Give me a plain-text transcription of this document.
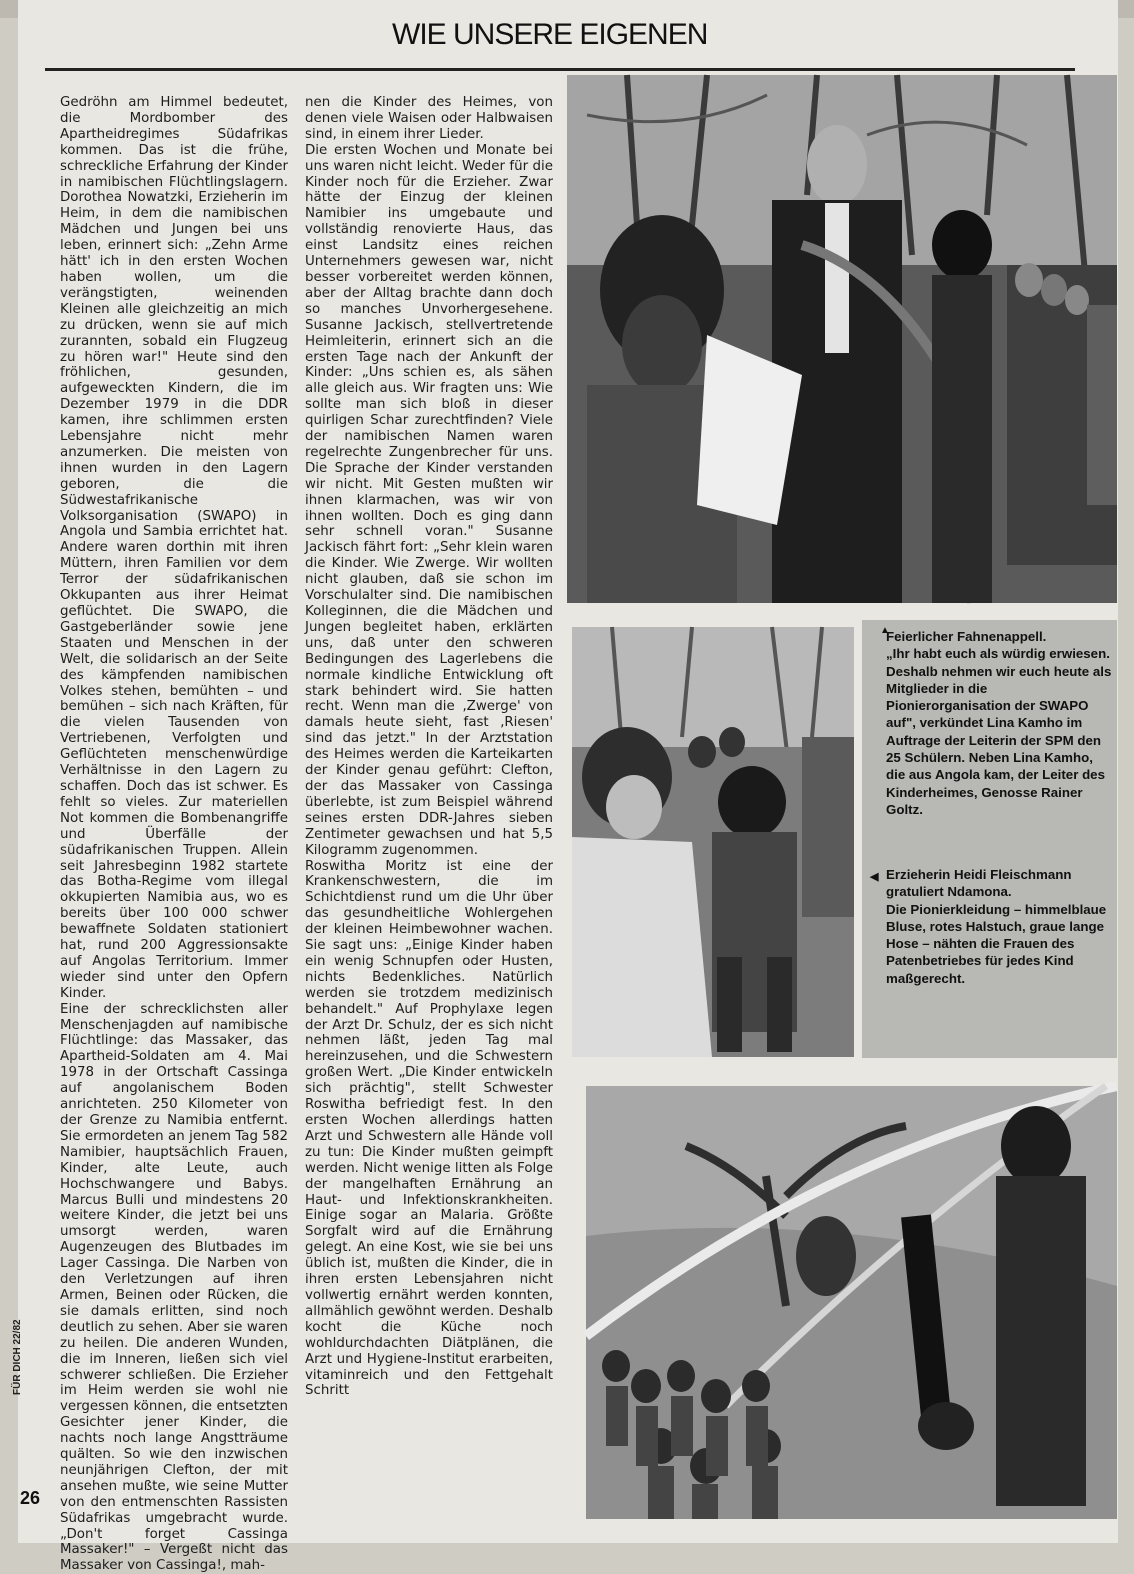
WIE UNSERE EIGENEN

Gedröhn am Himmel bedeutet, die Mordbomber des Apartheidregimes Südafrikas kommen. Das ist die frühe, schreckliche Erfahrung der Kinder in namibischen Flüchtlingslagern. Dorothea Nowatzki, Erzieherin im Heim, in dem die namibischen Mädchen und Jungen bei uns leben, erinnert sich: „Zehn Arme hätt' ich in den ersten Wochen haben wollen, um die verängstigten, weinenden Kleinen alle gleichzeitig an mich zu drücken, wenn sie auf mich zurannten, sobald ein Flugzeug zu hören war!" Heute sind den fröhlichen, gesunden, aufgeweckten Kindern, die im Dezember 1979 in die DDR kamen, ihre schlimmen ersten Lebensjahre nicht mehr anzumerken. Die meisten von ihnen wurden in den Lagern geboren, die die Südwestafrikanische Volksorganisation (SWAPO) in Angola und Sambia errichtet hat. Andere waren dorthin mit ihren Müttern, ihren Familien vor dem Terror der südafrikanischen Okkupanten aus ihrer Heimat geflüchtet. Die SWAPO, die Gastgeberländer sowie jene Staaten und Menschen in der Welt, die solidarisch an der Seite des kämpfenden namibischen Volkes stehen, bemühten – und bemühen – sich nach Kräften, für die vielen Tausenden von Vertriebenen, Verfolgten und Geflüchteten menschenwürdige Verhältnisse in den Lagern zu schaffen. Doch das ist schwer. Es fehlt so vieles. Zur materiellen Not kommen die Bombenangriffe und Überfälle der südafrikanischen Truppen. Allein seit Jahresbeginn 1982 startete das Botha-Regime vom illegal okkupierten Namibia aus, wo es bereits über 100 000 schwer bewaffnete Soldaten stationiert hat, rund 200 Aggressionsakte auf Angolas Territorium. Immer wieder sind unter den Opfern Kinder.
Eine der schrecklichsten aller Menschenjagden auf namibische Flüchtlinge: das Massaker, das Apartheid-Soldaten am 4. Mai 1978 in der Ortschaft Cassinga auf angolanischem Boden anrichteten. 250 Kilometer von der Grenze zu Namibia entfernt. Sie ermordeten an jenem Tag 582 Namibier, hauptsächlich Frauen, Kinder, alte Leute, auch Hochschwangere und Babys. Marcus Bulli und mindestens 20 weitere Kinder, die jetzt bei uns umsorgt werden, waren Augenzeugen des Blutbades im Lager Cassinga. Die Narben von den Verletzungen auf ihren Armen, Beinen oder Rücken, die sie damals erlitten, sind noch deutlich zu sehen. Aber sie waren zu heilen. Die anderen Wunden, die im Inneren, ließen sich viel schwerer schließen. Die Erzieher im Heim werden sie wohl nie vergessen können, die entsetzten Gesichter jener Kinder, die nachts noch lange Angstträume quälten. So wie den inzwischen neunjährigen Clefton, der mit ansehen mußte, wie seine Mutter von den entmenschten Rassisten Südafrikas umgebracht wurde. „Don't forget Cassinga Massaker!" – Vergeßt nicht das Massaker von Cassinga!, mah-

nen die Kinder des Heimes, von denen viele Waisen oder Halbwaisen sind, in einem ihrer Lieder.
Die ersten Wochen und Monate bei uns waren nicht leicht. Weder für die Kinder noch für die Erzieher. Zwar hätte der Einzug der kleinen Namibier ins umgebaute und vollständig renovierte Haus, das einst Landsitz eines reichen Unternehmers gewesen war, nicht besser vorbereitet werden können, aber der Alltag brachte dann doch so manches Unvorhergesehene. Susanne Jackisch, stellvertretende Heimleiterin, erinnert sich an die ersten Tage nach der Ankunft der Kinder: „Uns schien es, als sähen alle gleich aus. Wir fragten uns: Wie sollte man sich bloß in dieser quirligen Schar zurechtfinden? Viele der namibischen Namen waren regelrechte Zungenbrecher für uns. Die Sprache der Kinder verstanden wir nicht. Mit Gesten mußten wir ihnen klarmachen, was wir von ihnen wollten. Doch es ging dann sehr schnell voran." Susanne Jackisch fährt fort: „Sehr klein waren die Kinder. Wie Zwerge. Wir wollten nicht glauben, daß sie schon im Vorschulalter sind. Die namibischen Kolleginnen, die die Mädchen und Jungen begleitet haben, erklärten uns, daß unter den schweren Bedingungen des Lagerlebens die normale kindliche Entwicklung oft stark behindert wird. Sie hatten recht. Wenn man die ‚Zwerge' von damals heute sieht, fast ‚Riesen' sind das jetzt." In der Arztstation des Heimes werden die Karteikarten der Kinder genau geführt: Clefton, der das Massaker von Cassinga überlebte, ist zum Beispiel während seines ersten DDR-Jahres sieben Zentimeter gewachsen und hat 5,5 Kilogramm zugenommen.
Roswitha Moritz ist eine der Krankenschwestern, die im Schichtdienst rund um die Uhr über das gesundheitliche Wohlergehen der kleinen Heimbewohner wachen. Sie sagt uns: „Einige Kinder haben ein wenig Schnupfen oder Husten, nichts Bedenkliches. Natürlich werden sie trotzdem medizinisch behandelt." Auf Prophylaxe legen der Arzt Dr. Schulz, der es sich nicht nehmen läßt, jeden Tag mal hereinzusehen, und die Schwestern großen Wert. „Die Kinder entwickeln sich prächtig", stellt Schwester Roswitha befriedigt fest. In den ersten Wochen allerdings hatten Arzt und Schwestern alle Hände voll zu tun: Die Kinder mußten geimpft werden. Nicht wenige litten als Folge der mangelhaften Ernährung an Haut- und Infektionskrankheiten. Einige sogar an Malaria. Größte Sorgfalt wird auf die Ernährung gelegt. An eine Kost, wie sie bei uns üblich ist, mußten die Kinder, die in ihren ersten Lebensjahren nicht vollwertig ernährt werden konnten, allmählich gewöhnt werden. Deshalb kocht die Küche noch wohldurchdachten Diätplänen, die Arzt und Hygiene-Institut erarbeiten, vitaminreich und den Fettgehalt Schritt

▲
Feierlicher Fahnenappell.
„Ihr habt euch als würdig erwiesen. Deshalb nehmen wir euch heute als Mitglieder in die Pionierorganisation der SWAPO auf", verkündet Lina Kamho im Auftrage der Leiterin der SPM den 25 Schülern. Neben Lina Kamho, die aus Angola kam, der Leiter des Kinderheimes, Genosse Rainer Goltz.
◀ Erzieherin Heidi Fleischmann gratuliert Ndamona.
Die Pionierkleidung – himmelblaue Bluse, rotes Halstuch, graue lange Hose – nähten die Frauen des Patenbetriebes für jedes Kind maßgerecht.
FÜR DICH 22/82
26
